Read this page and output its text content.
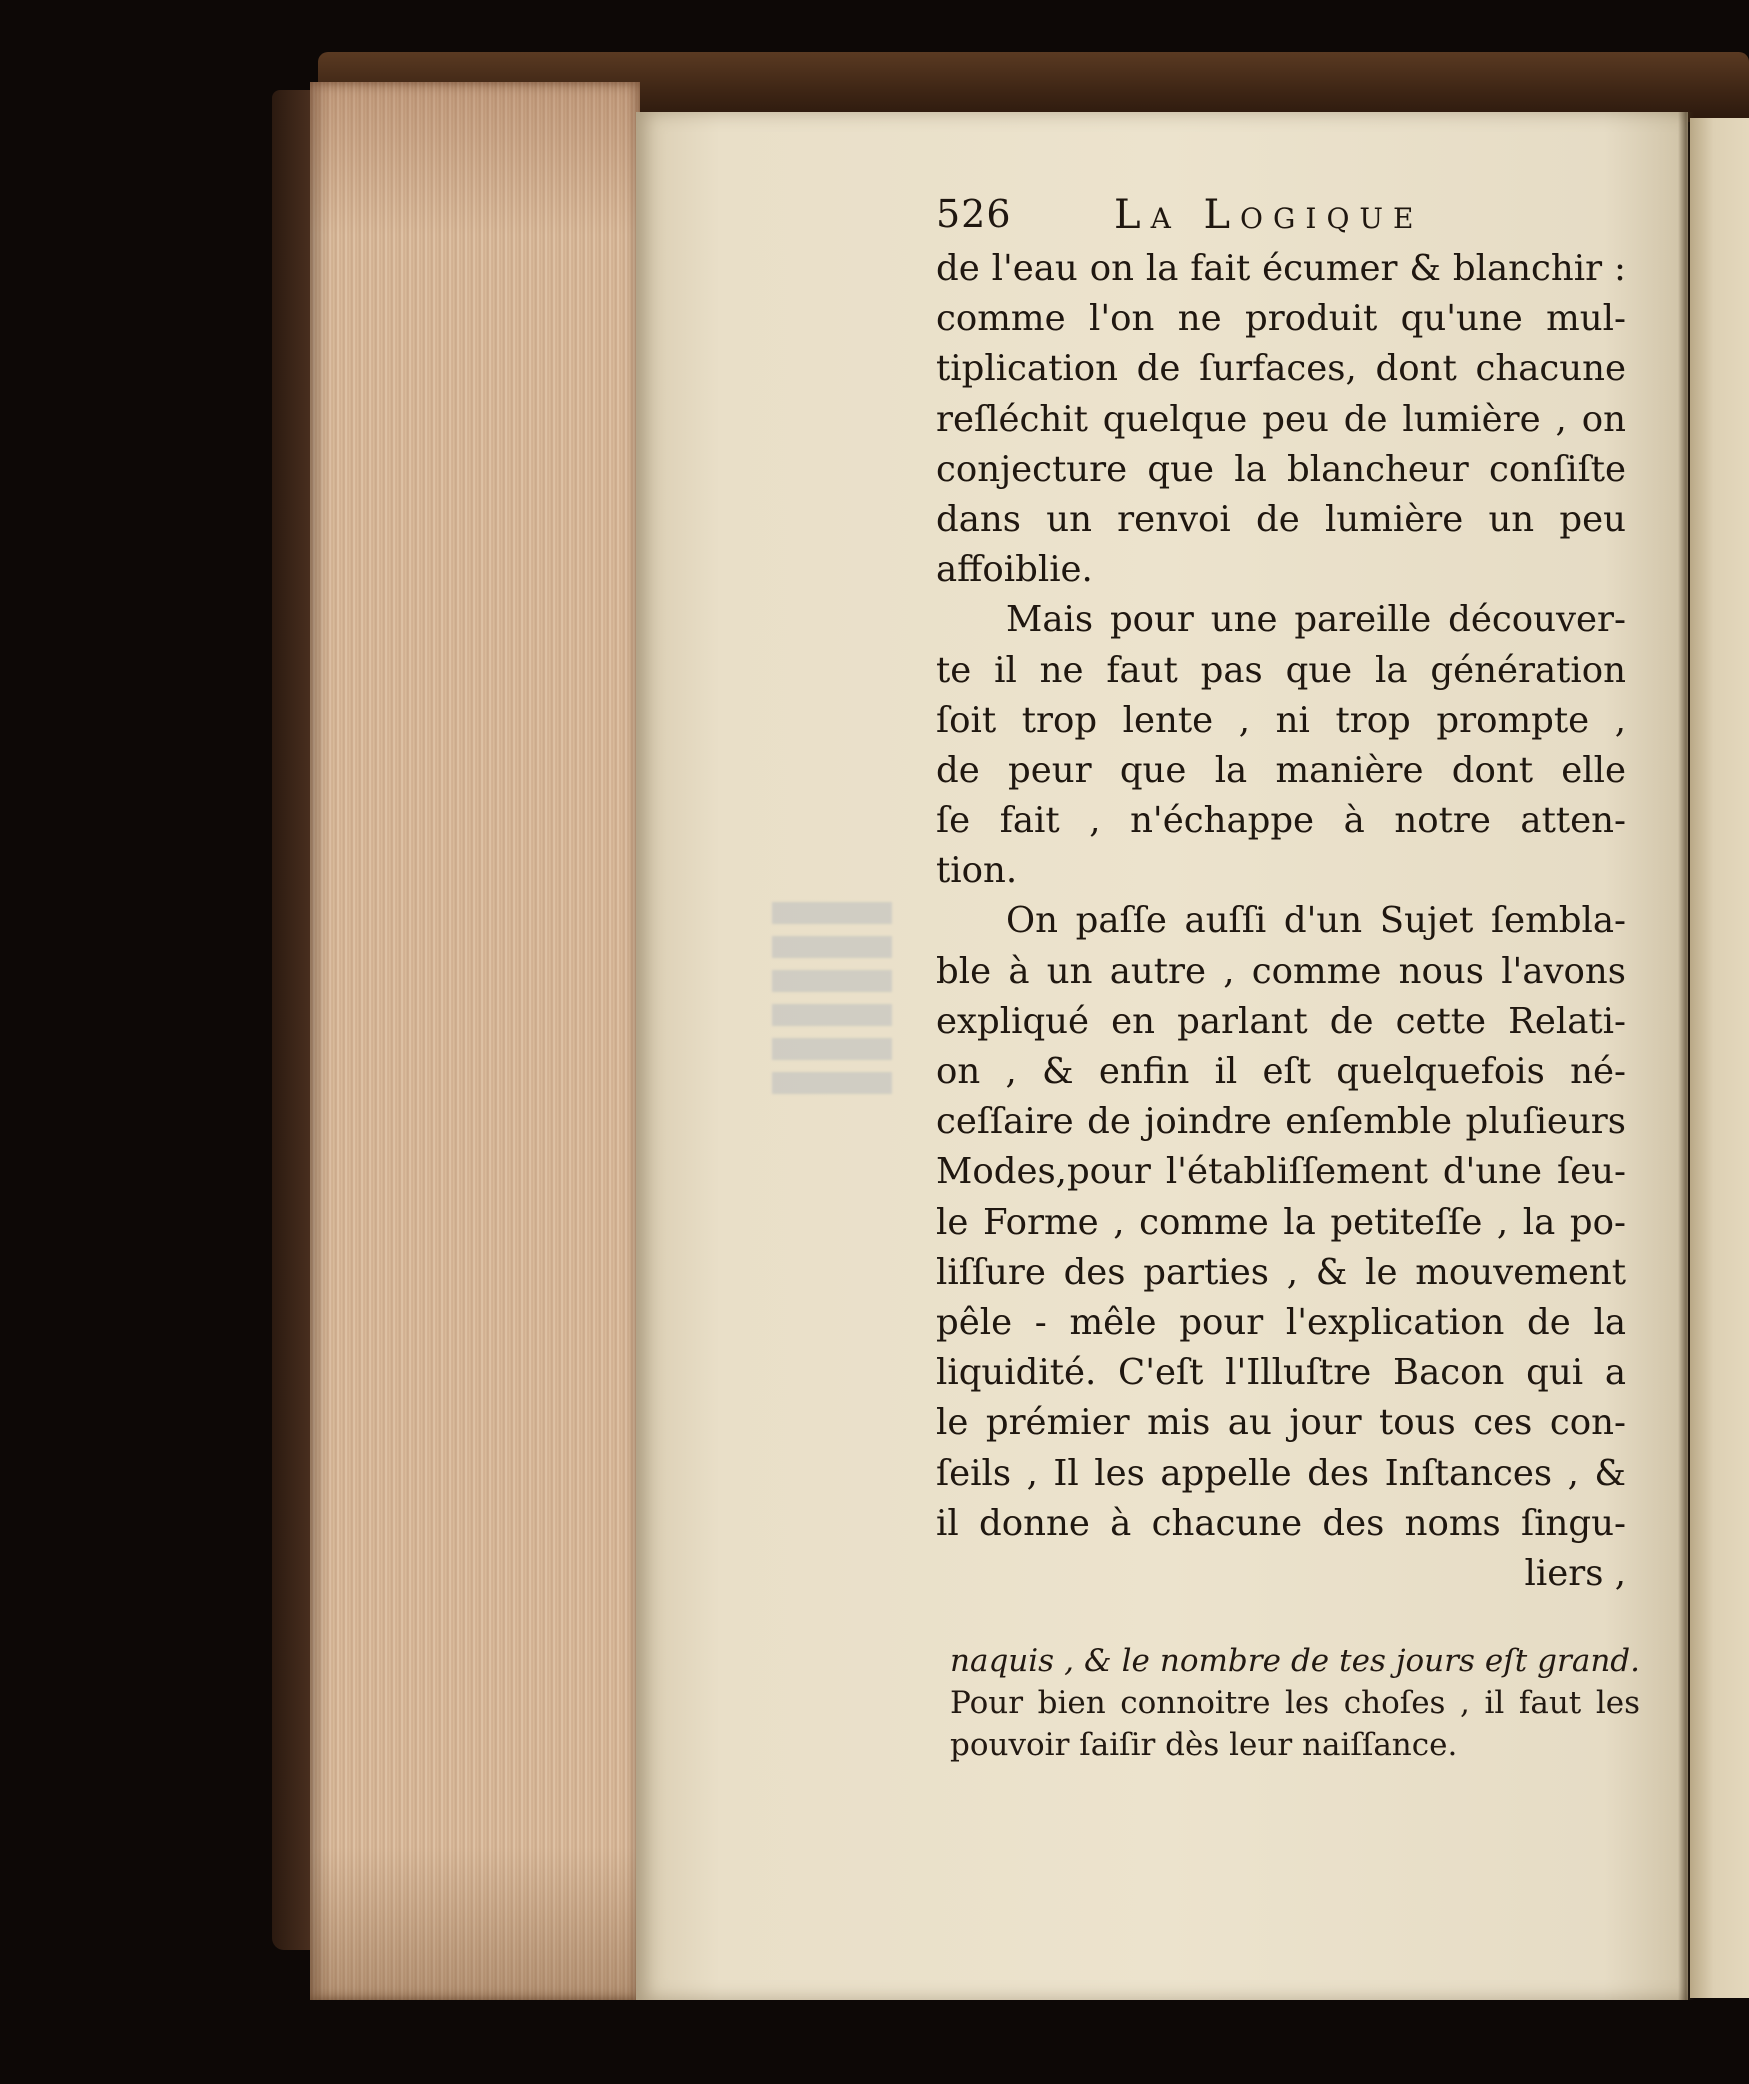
526	La Logique
de l'eau on la fait écumer & blanchir :
comme l'on ne produit qu'une mul-
tiplication de ſurfaces, dont chacune
reſléchit quelque peu de lumière , on
conjecture que la blancheur conſiſte
dans un renvoi de lumière un peu
affoiblie.
Mais pour une pareille découver-
te il ne faut pas que la génération
ſoit trop lente , ni trop prompte ,
de peur que la manière dont elle
ſe fait , n'échappe à notre atten-
tion.
On paſſe auſſi d'un Sujet ſembla-
ble à un autre , comme nous l'avons
expliqué en parlant de cette Relati-
on , & enfin il eſt quelquefois né-
ceſſaire de joindre enſemble pluſieurs
Modes,pour l'établiſſement d'une ſeu-
le Forme , comme la petiteſſe , la po-
liſſure des parties , & le mouvement
pêle - mêle pour l'explication de la
liquidité. C'eſt l'Illuſtre Bacon qui a
le prémier mis au jour tous ces con-
ſeils , Il les appelle des Inſtances , &
il donne à chacune des noms ſingu-
liers ,
naquis , & le nombre de tes jours eſt grand.
Pour bien connoitre les choſes , il faut les
pouvoir ſaiſir dès leur naiſſance.
